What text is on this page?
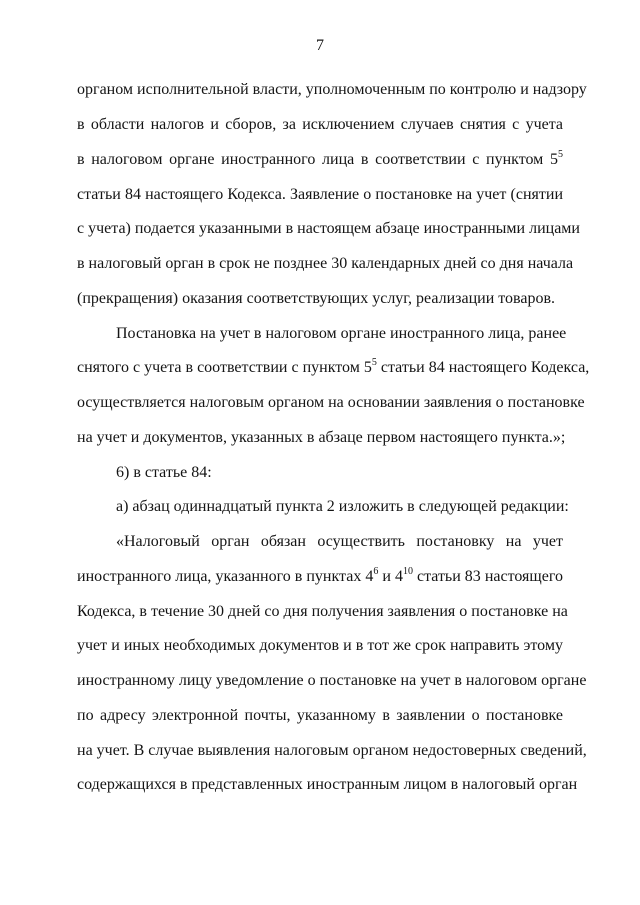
7
органом исполнительной власти, уполномоченным по контролю и надзору
в области налогов и сборов, за исключением случаев снятия с учета
в налоговом органе иностранного лица в соответствии с пунктом $5^5$
статьи 84 настоящего Кодекса. Заявление о постановке на учет (снятии
с учета) подается указанными в настоящем абзаце иностранными лицами
в налоговый орган в срок не позднее 30 календарных дней со дня начала
(прекращения) оказания соответствующих услуг, реализации товаров.
Постановка на учет в налоговом органе иностранного лица, ранее
снятого с учета в соответствии с пунктом $5^5$ статьи 84 настоящего Кодекса,
осуществляется налоговым органом на основании заявления о постановке
на учет и документов, указанных в абзаце первом настоящего пункта.»;
6) в статье 84:
а) абзац одиннадцатый пункта 2 изложить в следующей редакции:
«Налоговый орган обязан осуществить постановку на учет
иностранного лица, указанного в пунктах $4^6$ и $4^{10}$ статьи 83 настоящего
Кодекса, в течение 30 дней со дня получения заявления о постановке на
учет и иных необходимых документов и в тот же срок направить этому
иностранному лицу уведомление о постановке на учет в налоговом органе
по адресу электронной почты, указанному в заявлении о постановке
на учет. В случае выявления налоговым органом недостоверных сведений,
содержащихся в представленных иностранным лицом в налоговый орган
